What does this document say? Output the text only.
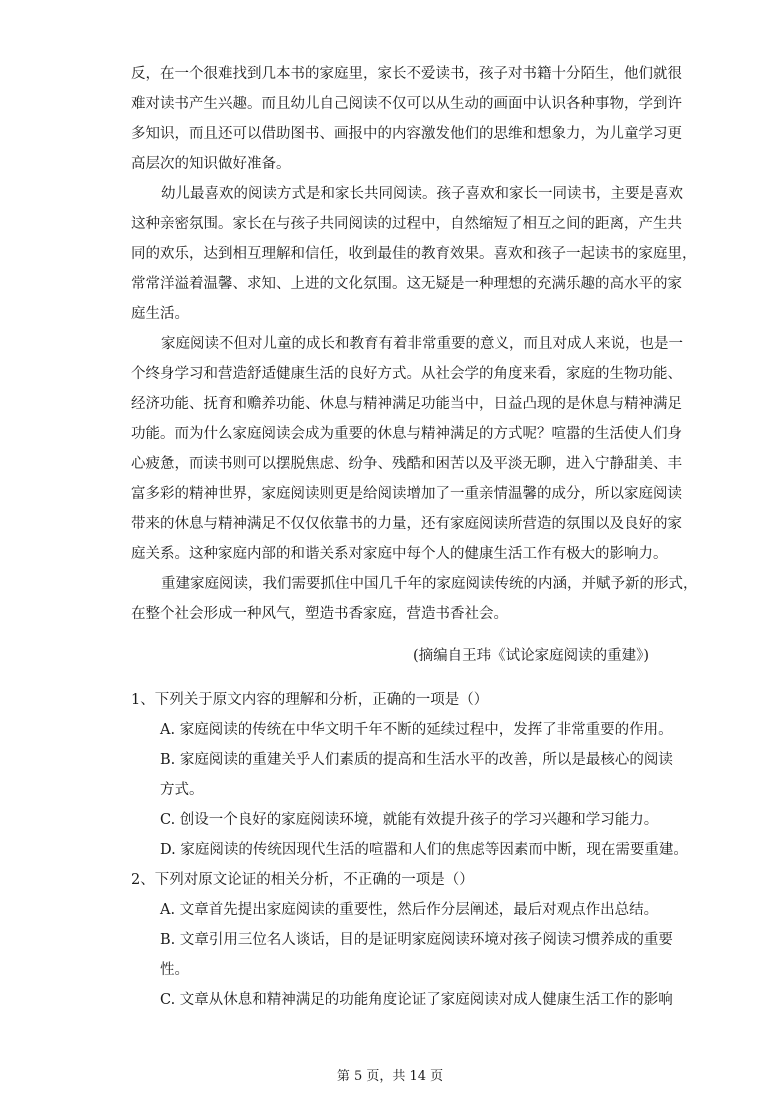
反，在一个很难找到几本书的家庭里，家长不爱读书，孩子对书籍十分陌生，他们就很
难对读书产生兴趣。而且幼儿自己阅读不仅可以从生动的画面中认识各种事物，学到许
多知识，而且还可以借助图书、画报中的内容激发他们的思维和想象力，为儿童学习更
高层次的知识做好准备。
幼儿最喜欢的阅读方式是和家长共同阅读。孩子喜欢和家长一同读书，主要是喜欢
这种亲密氛围。家长在与孩子共同阅读的过程中，自然缩短了相互之间的距离，产生共
同的欢乐，达到相互理解和信任，收到最佳的教育效果。喜欢和孩子一起读书的家庭里，
常常洋溢着温馨、求知、上进的文化氛围。这无疑是一种理想的充满乐趣的高水平的家
庭生活。
家庭阅读不但对儿童的成长和教育有着非常重要的意义，而且对成人来说，也是一
个终身学习和营造舒适健康生活的良好方式。从社会学的角度来看，家庭的生物功能、
经济功能、抚育和赡养功能、休息与精神满足功能当中，日益凸现的是休息与精神满足
功能。而为什么家庭阅读会成为重要的休息与精神满足的方式呢？喧嚣的生活使人们身
心疲惫，而读书则可以摆脱焦虑、纷争、残酷和困苦以及平淡无聊，进入宁静甜美、丰
富多彩的精神世界，家庭阅读则更是给阅读增加了一重亲情温馨的成分，所以家庭阅读
带来的休息与精神满足不仅仅依靠书的力量，还有家庭阅读所营造的氛围以及良好的家
庭关系。这种家庭内部的和谐关系对家庭中每个人的健康生活工作有极大的影响力。
重建家庭阅读，我们需要抓住中国几千年的家庭阅读传统的内涵，并赋予新的形式，
在整个社会形成一种风气，塑造书香家庭，营造书香社会。
(摘编自王玮《试论家庭阅读的重建》)
1、下列关于原文内容的理解和分析，正确的一项是（）
A. 家庭阅读的传统在中华文明千年不断的延续过程中，发挥了非常重要的作用。
B. 家庭阅读的重建关乎人们素质的提高和生活水平的改善，所以是最核心的阅读
方式。
C. 创设一个良好的家庭阅读环境，就能有效提升孩子的学习兴趣和学习能力。
D. 家庭阅读的传统因现代生活的喧嚣和人们的焦虑等因素而中断，现在需要重建。
2、下列对原文论证的相关分析，不正确的一项是（）
A. 文章首先提出家庭阅读的重要性，然后作分层阐述，最后对观点作出总结。
B. 文章引用三位名人谈话，目的是证明家庭阅读环境对孩子阅读习惯养成的重要
性。
C. 文章从休息和精神满足的功能角度论证了家庭阅读对成人健康生活工作的影响
第 5 页，共 14 页
